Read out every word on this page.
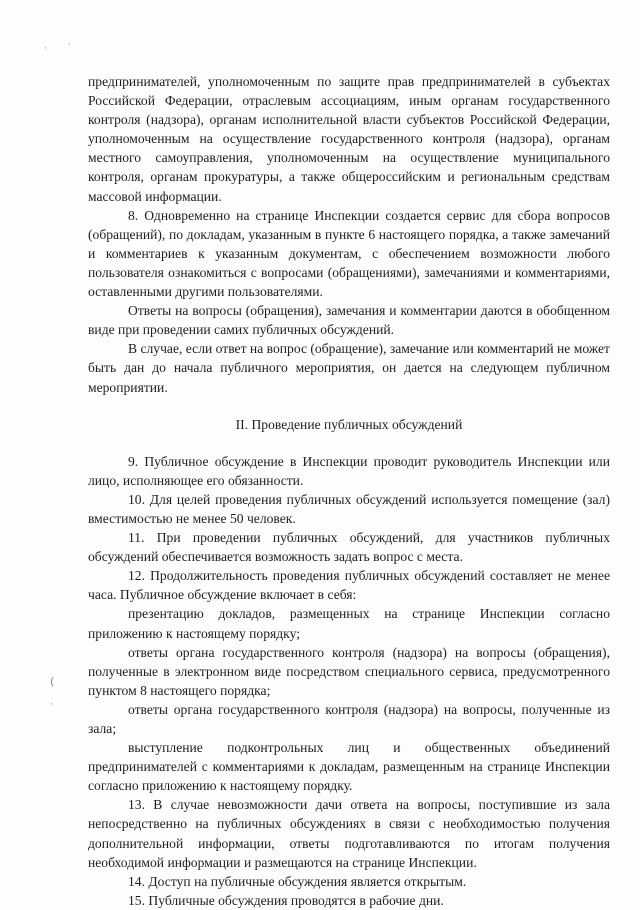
· ·
(
·

предпринимателей, уполномоченным по защите прав предпринимателей в субъектах Российской Федерации, отраслевым ассоциациям, иным органам государственного контроля (надзора), органам исполнительной власти субъектов Российской Федерации, уполномоченным на осуществление государственного контроля (надзора), органам местного самоуправления, уполномоченным на осуществление муниципального контроля, органам прокуратуры, а также общероссийским и региональным средствам массовой информации.

8. Одновременно на странице Инспекции создается сервис для сбора вопросов (обращений), по докладам, указанным в пункте 6 настоящего порядка, а также замечаний и комментариев к указанным документам, с обеспечением возможности любого пользователя ознакомиться с вопросами (обращениями), замечаниями и комментариями, оставленными другими пользователями.

Ответы на вопросы (обращения), замечания и комментарии даются в обобщенном виде при проведении самих публичных обсуждений.

В случае, если ответ на вопрос (обращение), замечание или комментарий не может быть дан до начала публичного мероприятия, он дается на следующем публичном мероприятии.

II. Проведение публичных обсуждений

9. Публичное обсуждение в Инспекции проводит руководитель Инспекции или лицо, исполняющее его обязанности.

10. Для целей проведения публичных обсуждений используется помещение (зал) вместимостью не менее 50 человек.

11. При проведении публичных обсуждений, для участников публичных обсуждений обеспечивается возможность задать вопрос с места.

12. Продолжительность проведения публичных обсуждений составляет не менее часа. Публичное обсуждение включает в себя:

презентацию докладов, размещенных на странице Инспекции согласно приложению к настоящему порядку;

ответы органа государственного контроля (надзора) на вопросы (обращения), полученные в электронном виде посредством специального сервиса, предусмотренного пунктом 8 настоящего порядка;

ответы органа государственного контроля (надзора) на вопросы, полученные из зала;

выступление подконтрольных лиц и общественных объединений предпринимателей с комментариями к докладам, размещенным на странице Инспекции согласно приложению к настоящему порядку.

13. В случае невозможности дачи ответа на вопросы, поступившие из зала непосредственно на публичных обсуждениях в связи с необходимостью получения дополнительной информации, ответы подготавливаются по итогам получения необходимой информации и размещаются на странице Инспекции.

14. Доступ на публичные обсуждения является открытым.

15. Публичные обсуждения проводятся в рабочие дни.
